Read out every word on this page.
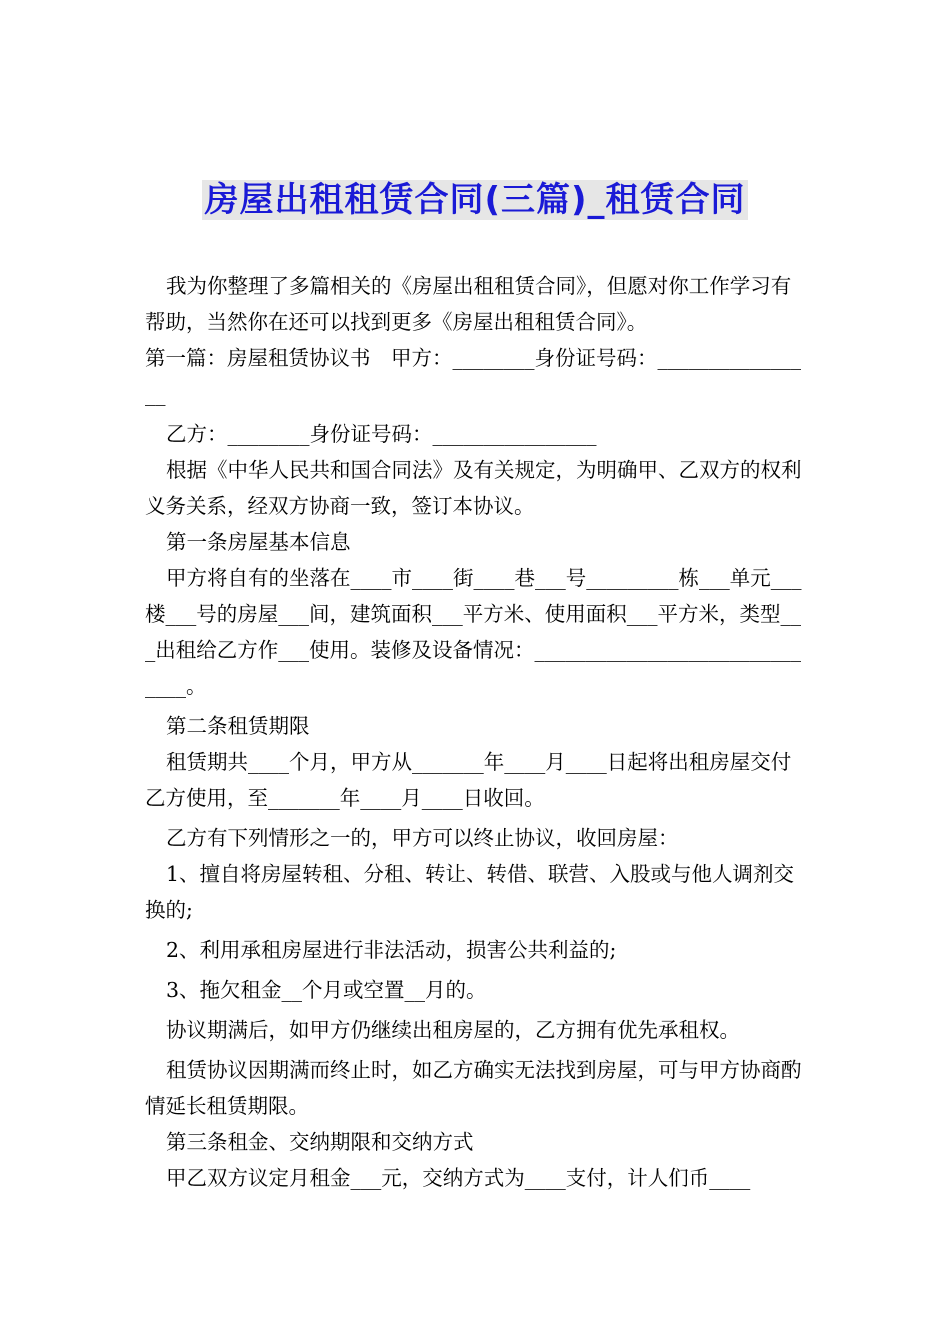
房屋出租租赁合同(三篇)_租赁合同

我为你整理了多篇相关的《房屋出租租赁合同》，但愿对你工作学习有帮助，当然你在还可以找到更多《房屋出租租赁合同》。

第一篇：房屋租赁协议书　甲方：________身份证号码：________________

乙方：________身份证号码：________________

根据《中华人民共和国合同法》及有关规定，为明确甲、乙双方的权利义务关系，经双方协商一致，签订本协议。

第一条房屋基本信息

甲方将自有的坐落在____市____街____巷___号_________栋___单元___楼___号的房屋___间，建筑面积___平方米、使用面积___平方米，类型___出租给乙方作___使用。装修及设备情况：______________________________。

第二条租赁期限

租赁期共____个月，甲方从_______年____月____日起将出租房屋交付乙方使用，至_______年____月____日收回。

乙方有下列情形之一的，甲方可以终止协议，收回房屋：

1、擅自将房屋转租、分租、转让、转借、联营、入股或与他人调剂交换的;

2、利用承租房屋进行非法活动，损害公共利益的;

3、拖欠租金__个月或空置__月的。

协议期满后，如甲方仍继续出租房屋的，乙方拥有优先承租权。

租赁协议因期满而终止时，如乙方确实无法找到房屋，可与甲方协商酌情延长租赁期限。

第三条租金、交纳期限和交纳方式

甲乙双方议定月租金___元，交纳方式为____支付，计人们币____
